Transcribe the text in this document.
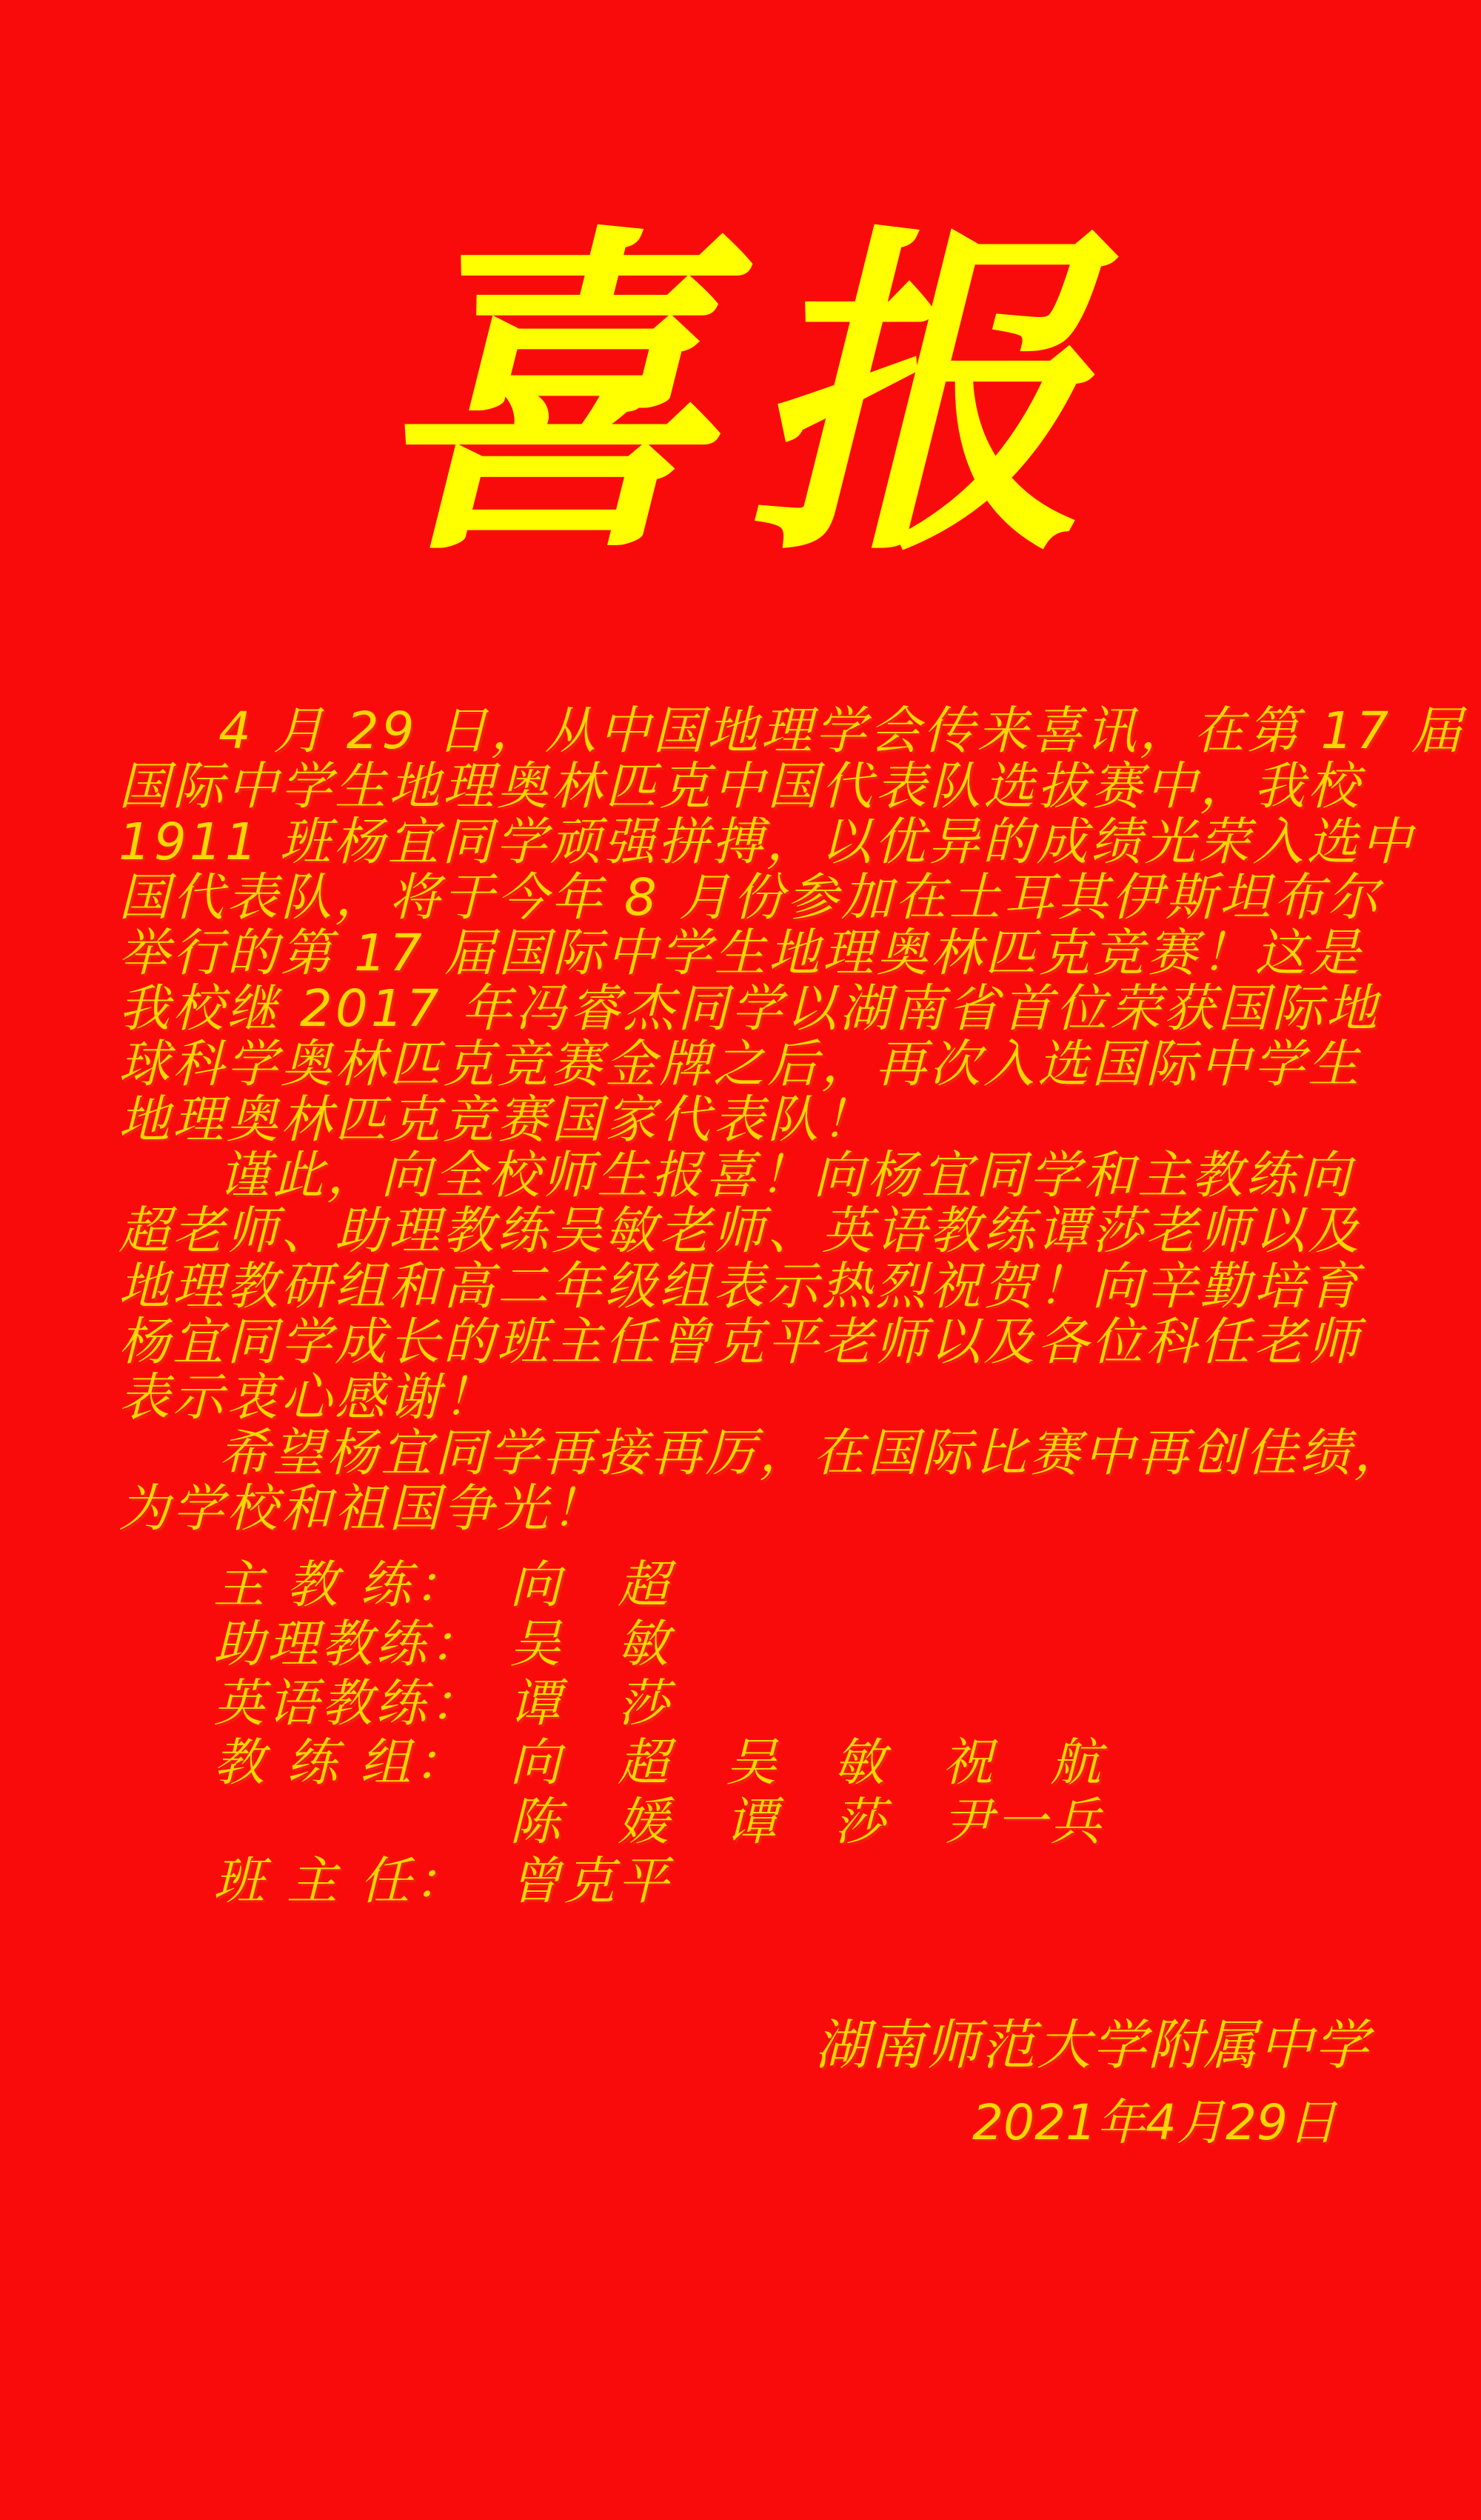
喜报
4 月 29 日，从中国地理学会传来喜讯，在第 17 届
国际中学生地理奥林匹克中国代表队选拔赛中，我校
1911 班杨宜同学顽强拼搏，以优异的成绩光荣入选中
国代表队，将于今年 8 月份参加在土耳其伊斯坦布尔
举行的第 17 届国际中学生地理奥林匹克竞赛！这是
我校继 2017 年冯睿杰同学以湖南省首位荣获国际地
球科学奥林匹克竞赛金牌之后，再次入选国际中学生
地理奥林匹克竞赛国家代表队！
谨此，向全校师生报喜！向杨宜同学和主教练向
超老师、助理教练吴敏老师、英语教练谭莎老师以及
地理教研组和高二年级组表示热烈祝贺！向辛勤培育
杨宜同学成长的班主任曾克平老师以及各位科任老师
表示衷心感谢！
希望杨宜同学再接再厉，在国际比赛中再创佳绩，
为学校和祖国争光！
主 教 练： 向　超
助理教练： 吴　敏
英语教练： 谭　莎
教 练 组： 向　超　吴　敏　祝　航
陈　媛　谭　莎　尹一兵
班 主 任： 曾克平
湖南师范大学附属中学
2021年4月29日
